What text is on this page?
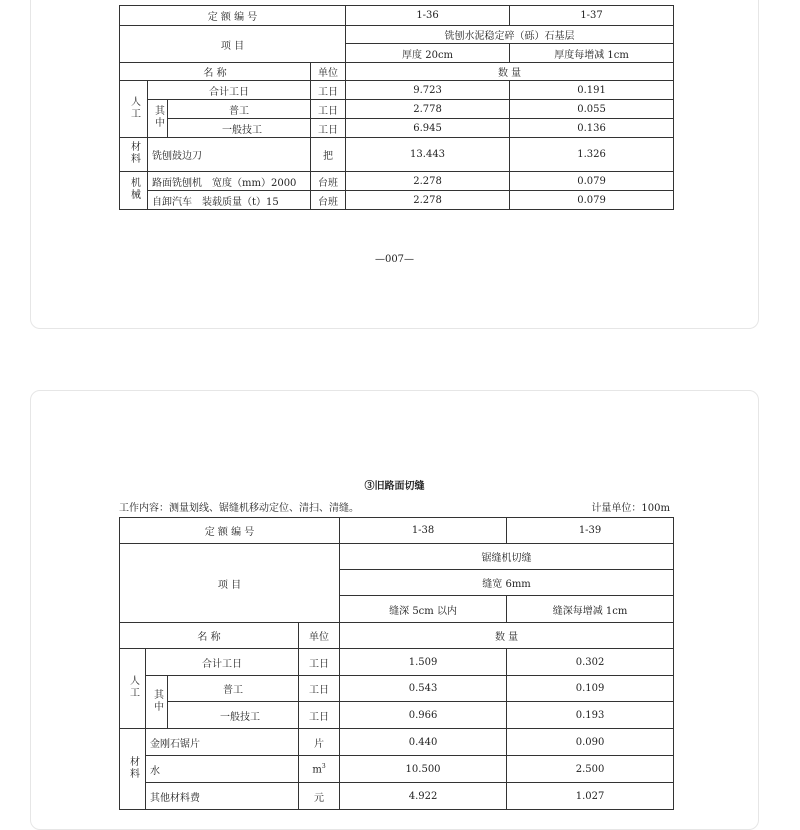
定 额 编 号				1-36	1-37
项 目				铣刨水泥稳定碎（砾）石基层	
				厚度 20cm	厚度每增减 1cm
名 称			单位	数 量	
人工	合计工日		工日	9.723	0.191
	其中	普工	工日	2.778	0.055
		一般技工	工日	6.945	0.136
材料	铣刨鼓边刀		把	13.443	1.326
机械	路面铣刨机　宽度（mm）2000		台班	2.278	0.079
	自卸汽车　装载质量（t）15		台班	2.278	0.079
—007—
③旧路面切缝
工作内容：测量划线、锯缝机移动定位、清扫、清缝。	计量单位：100m
定 额 编 号				1-38	1-39
项 目				锯缝机切缝	
				缝宽 6mm	
				缝深 5cm 以内	缝深每增减 1cm
名 称			单位	数 量	
人工	合计工日		工日	1.509	0.302
	其中	普工	工日	0.543	0.109
		一般技工	工日	0.966	0.193
材料	金刚石锯片		片	0.440	0.090
	水		$m^3$	10.500	2.500
	其他材料费		元	4.922	1.027
